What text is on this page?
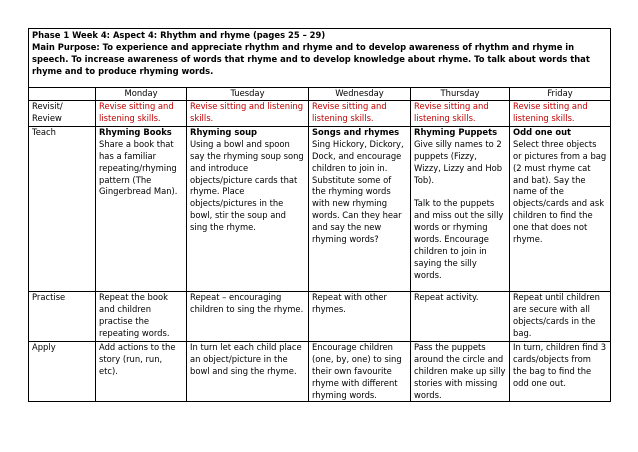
Phase 1 Week 4: Aspect 4: Rhythm and rhyme (pages 25 – 29)
Main Purpose: To experience and appreciate rhythm and rhyme and to develop awareness of rhythm and rhyme in speech. To increase awareness of words that rhyme and to develop knowledge about rhyme. To talk about words that rhyme and to produce rhyming words.					

	Monday	Tuesday	Wednesday	Thursday	Friday
Revisit/ Review	Revise sitting and listening skills.	Revise sitting and listening skills.	Revise sitting and listening skills.	Revise sitting and listening skills.	Revise sitting and listening skills.
Teach	Rhyming Books
Share a book that has a familiar repeating/rhyming pattern (The Gingerbread Man).	Rhyming soup
Using a bowl and spoon say the rhyming soup song and introduce objects/picture cards that rhyme. Place objects/pictures in the bowl, stir the soup and sing the rhyme.	Songs and rhymes
Sing Hickory, Dickory, Dock, and encourage children to join in. Substitute some of the rhyming words with new rhyming words. Can they hear and say the new rhyming words?	Rhyming Puppets
Give silly names to 2 puppets (Fizzy, Wizzy, Lizzy and Hob Tob).
Talk to the puppets and miss out the silly words or rhyming words. Encourage children to join in saying the silly words.	Odd one out
Select three objects or pictures from a bag (2 must rhyme cat and bat). Say the name of the objects/cards and ask children to find the one that does not rhyme.
Practise	Repeat the book and children practise the repeating words.	Repeat – encouraging children to sing the rhyme.	Repeat with other rhymes.	Repeat activity.	Repeat until children are secure with all objects/cards in the bag.
Apply	Add actions to the story (run, run, etc).	In turn let each child place an object/picture in the bowl and sing the rhyme.	Encourage children (one, by, one) to sing their own favourite rhyme with different rhyming words.	Pass the puppets around the circle and children make up silly stories with missing words.	In turn, children find 3 cards/objects from the bag to find the odd one out.
